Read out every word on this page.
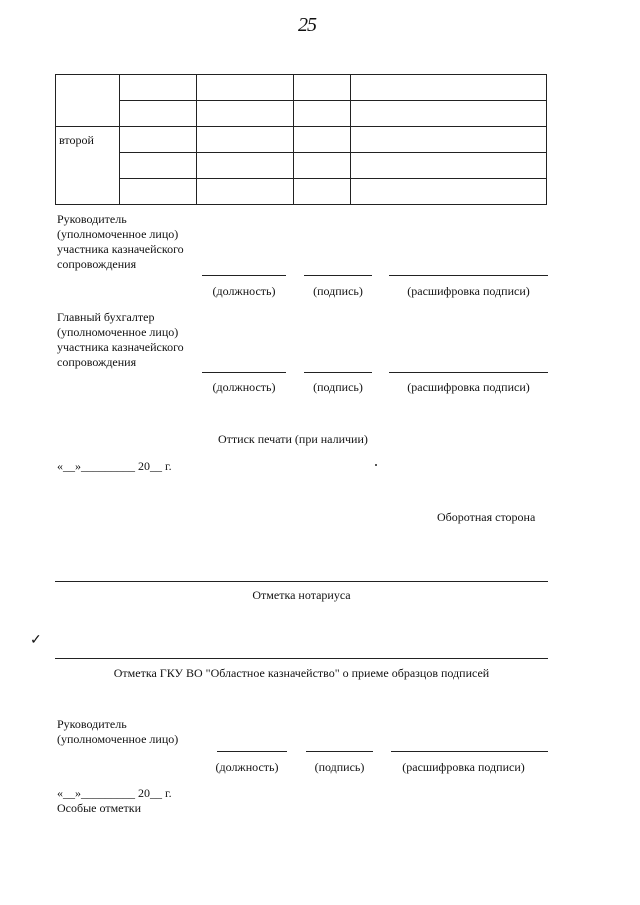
25

второй				

Руководитель
(уполномоченное лицо)
участника казначейского
сопровождения
(должность)	(подпись)	(расшифровка подписи)
Главный бухгалтер
(уполномоченное лицо)
участника казначейского
сопровождения
(должность)	(подпись)	(расшифровка подписи)
Оттиск печати (при наличии)
«__»_________ 20__ г.
Оборотная сторона
Отметка нотариуса
✓
Отметка ГКУ ВО "Областное казначейство" о приеме образцов подписей
Руководитель
(уполномоченное лицо)
(должность)	(подпись)	(расшифровка подписи)
«__»_________ 20__ г.
Особые отметки
